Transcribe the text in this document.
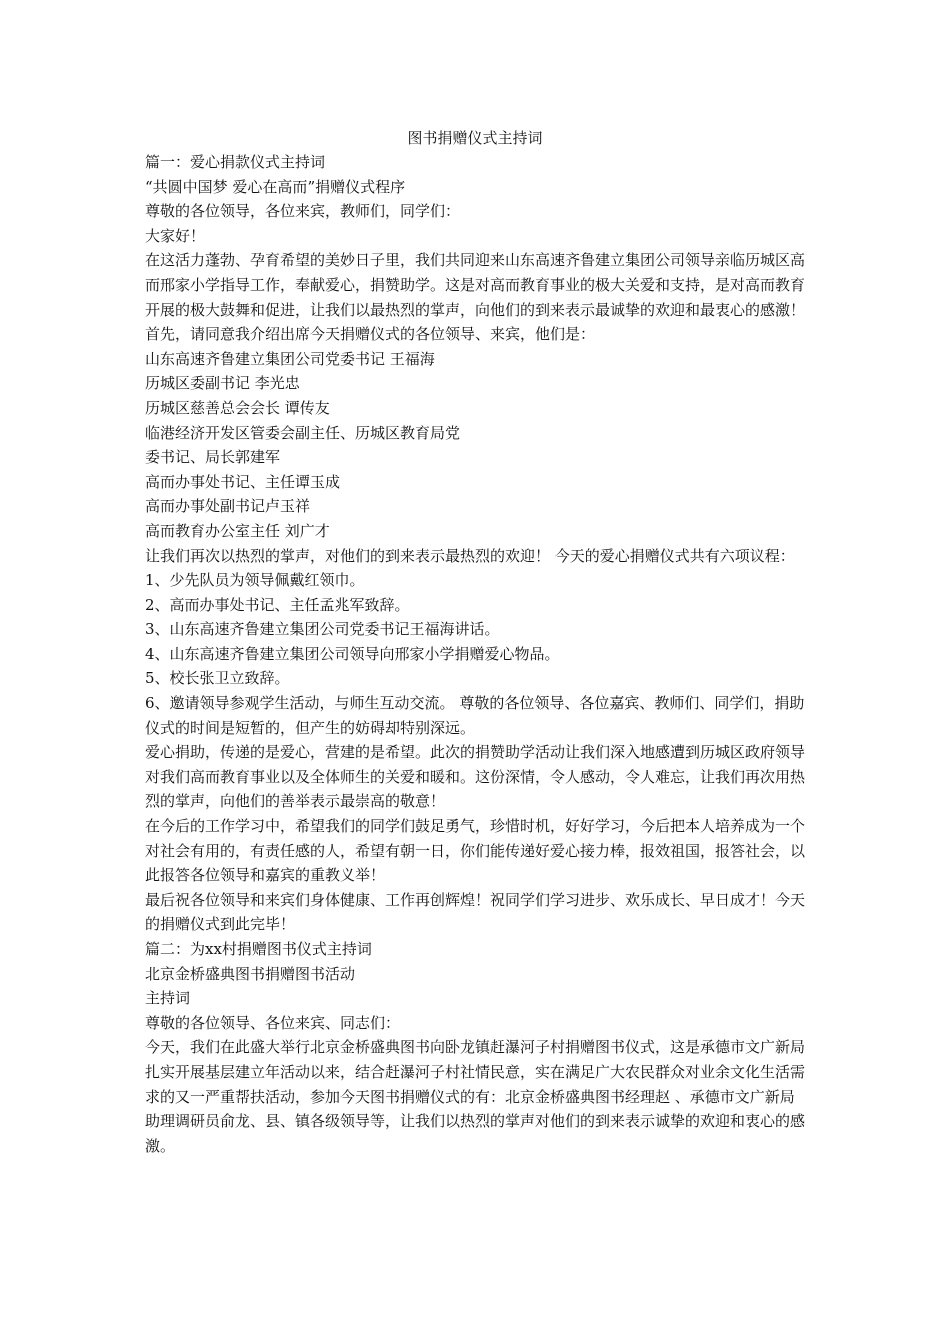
图书捐赠仪式主持词

篇一：爱心捐款仪式主持词

“共圆中国梦 爱心在高而”捐赠仪式程序

尊敬的各位领导，各位来宾，教师们，同学们：

大家好！

在这活力蓬勃、孕育希望的美妙日子里，我们共同迎来山东高速齐鲁建立集团公司领导亲临历城区高而邢家小学指导工作，奉献爱心，捐赞助学。这是对高而教育事业的极大关爱和支持，是对高而教育开展的极大鼓舞和促进，让我们以最热烈的掌声，向他们的到来表示最诚挚的欢迎和最衷心的感激！

首先，请同意我介绍出席今天捐赠仪式的各位领导、来宾，他们是：

山东高速齐鲁建立集团公司党委书记 王福海

历城区委副书记 李光忠

历城区慈善总会会长 谭传友

临港经济开发区管委会副主任、历城区教育局党

委书记、局长郭建军

高而办事处书记、主任谭玉成

高而办事处副书记卢玉祥

高而教育办公室主任 刘广才

让我们再次以热烈的掌声，对他们的到来表示最热烈的欢迎！ 今天的爱心捐赠仪式共有六项议程：

1、少先队员为领导佩戴红领巾。

2、高而办事处书记、主任孟兆军致辞。

3、山东高速齐鲁建立集团公司党委书记王福海讲话。

4、山东高速齐鲁建立集团公司领导向邢家小学捐赠爱心物品。

5、校长张卫立致辞。

6、邀请领导参观学生活动，与师生互动交流。 尊敬的各位领导、各位嘉宾、教师们、同学们，捐助仪式的时间是短暂的，但产生的妨碍却特别深远。

爱心捐助，传递的是爱心，营建的是希望。此次的捐赞助学活动让我们深入地感遭到历城区政府领导对我们高而教育事业以及全体师生的关爱和暖和。这份深情，令人感动，令人难忘，让我们再次用热烈的掌声，向他们的善举表示最崇高的敬意！

在今后的工作学习中，希望我们的同学们鼓足勇气，珍惜时机，好好学习，今后把本人培养成为一个对社会有用的，有责任感的人，希望有朝一日，你们能传递好爱心接力棒，报效祖国，报答社会，以此报答各位领导和嘉宾的重教义举！

最后祝各位领导和来宾们身体健康、工作再创辉煌！祝同学们学习进步、欢乐成长、早日成才！今天的捐赠仪式到此完毕！

篇二：为xx村捐赠图书仪式主持词

北京金桥盛典图书捐赠图书活动

主持词

尊敬的各位领导、各位来宾、同志们：

今天，我们在此盛大举行北京金桥盛典图书向卧龙镇赶瀑河子村捐赠图书仪式，这是承德市文广新局扎实开展基层建立年活动以来，结合赶瀑河子村社情民意，实在满足广大农民群众对业余文化生活需求的又一严重帮扶活动，参加今天图书捐赠仪式的有：北京金桥盛典图书经理赵 、承德市文广新局助理调研员俞龙、县、镇各级领导等，让我们以热烈的掌声对他们的到来表示诚挚的欢迎和衷心的感激。
